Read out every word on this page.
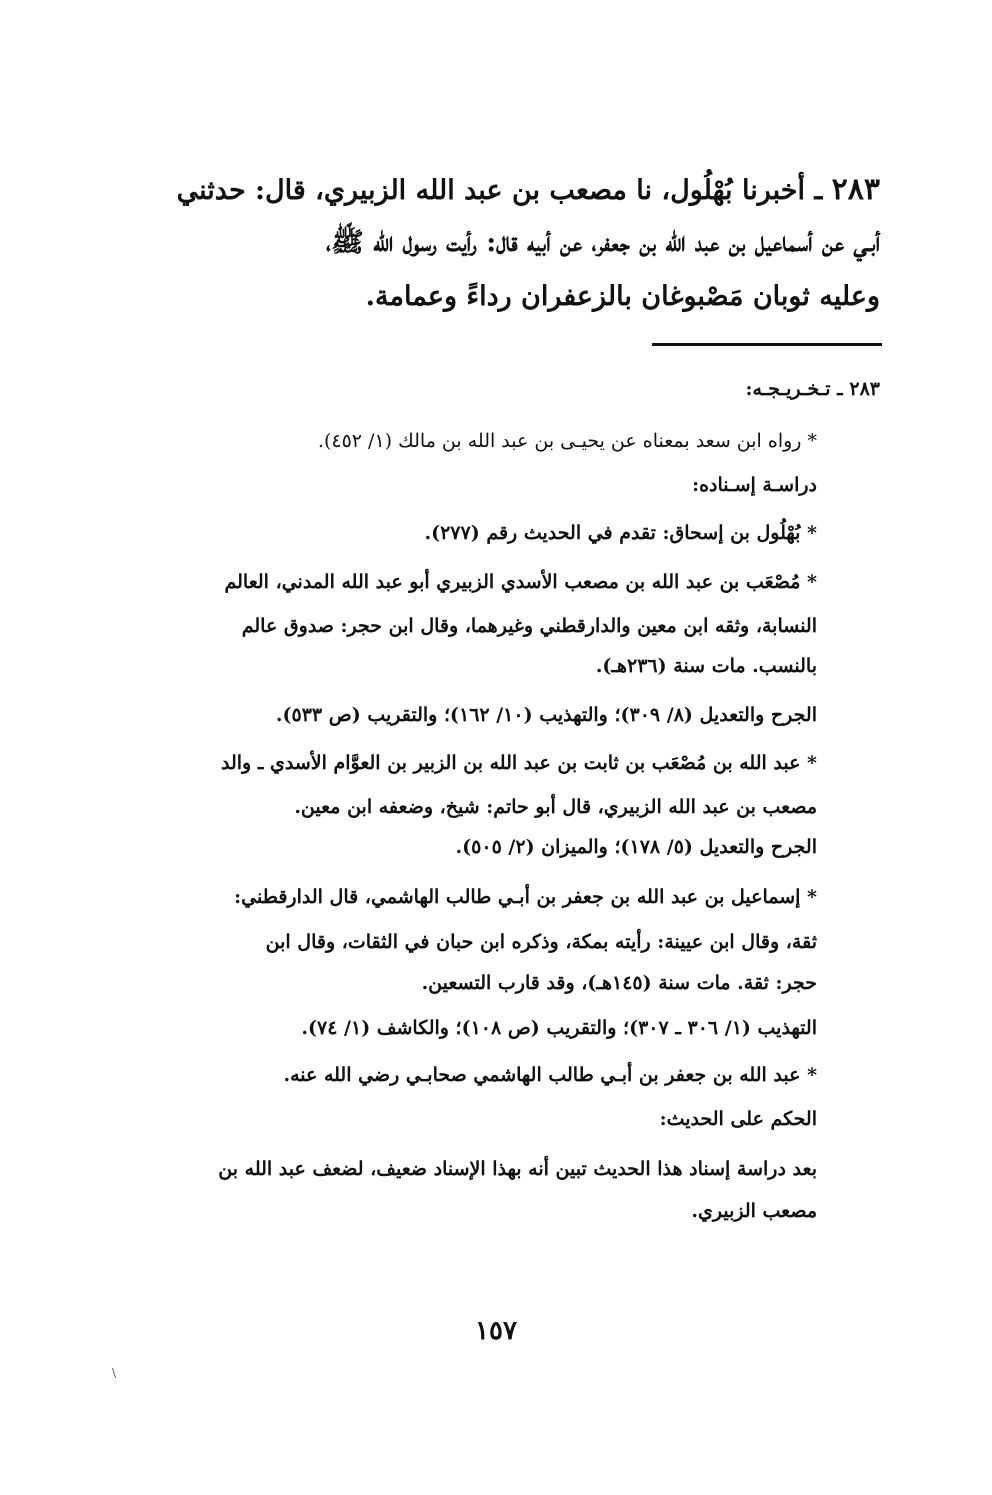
٢٨٣ ـ أخبرنا بُهْلُول، نا مصعب بن عبد الله الزبيري، قال: حدثني
أبـي عن أسماعيل بن عبد الله بن جعفر، عن أبيه قال: رأيت رسول الله ﷺ،
وعليه ثوبان مَصْبوغان بالزعفران رداءً وعمامة.
٢٨٣ ـ تـخـريـجـه:
* رواه ابن سعد بمعناه عن يحيـى بن عبد الله بن مالك (١/ ٤٥٢).
دراسـة إسـناده:
* بُهْلُول بن إسحاق: تقدم في الحديث رقم (٢٧٧).
* مُصْعَب بن عبد الله بن مصعب الأسدي الزبيري أبو عبد الله المدني، العالم
النسابة، وثقه ابن معين والدارقطني وغيرهما، وقال ابن حجر: صدوق عالم
بالنسب. مات سنة (٢٣٦هـ).
الجرح والتعديل (٨/ ٣٠٩)؛ والتهذيب (١٠/ ١٦٢)؛ والتقريب (ص ٥٣٣).
* عبد الله بن مُصْعَب بن ثابت بن عبد الله بن الزبير بن العوَّام الأسدي ـ والد
مصعب بن عبد الله الزبيري، قال أبو حاتم: شيخ، وضعفه ابن معين.
الجرح والتعديل (٥/ ١٧٨)؛ والميزان (٢/ ٥٠٥).
* إسماعيل بن عبد الله بن جعفر بن أبـي طالب الهاشمي، قال الدارقطني:
ثقة، وقال ابن عيينة: رأيته بمكة، وذكره ابن حبان في الثقات، وقال ابن
حجر: ثقة. مات سنة (١٤٥هـ)، وقد قارب التسعين.
التهذيب (١/ ٣٠٦ ـ ٣٠٧)؛ والتقريب (ص ١٠٨)؛ والكاشف (١/ ٧٤).
* عبد الله بن جعفر بن أبـي طالب الهاشمي صحابـي رضي الله عنه.
الحكم على الحديث:
بعد دراسة إسناد هذا الحديث تبين أنه بهذا الإسناد ضعيف، لضعف عبد الله بن
مصعب الزبيري.
١٥٧
\
